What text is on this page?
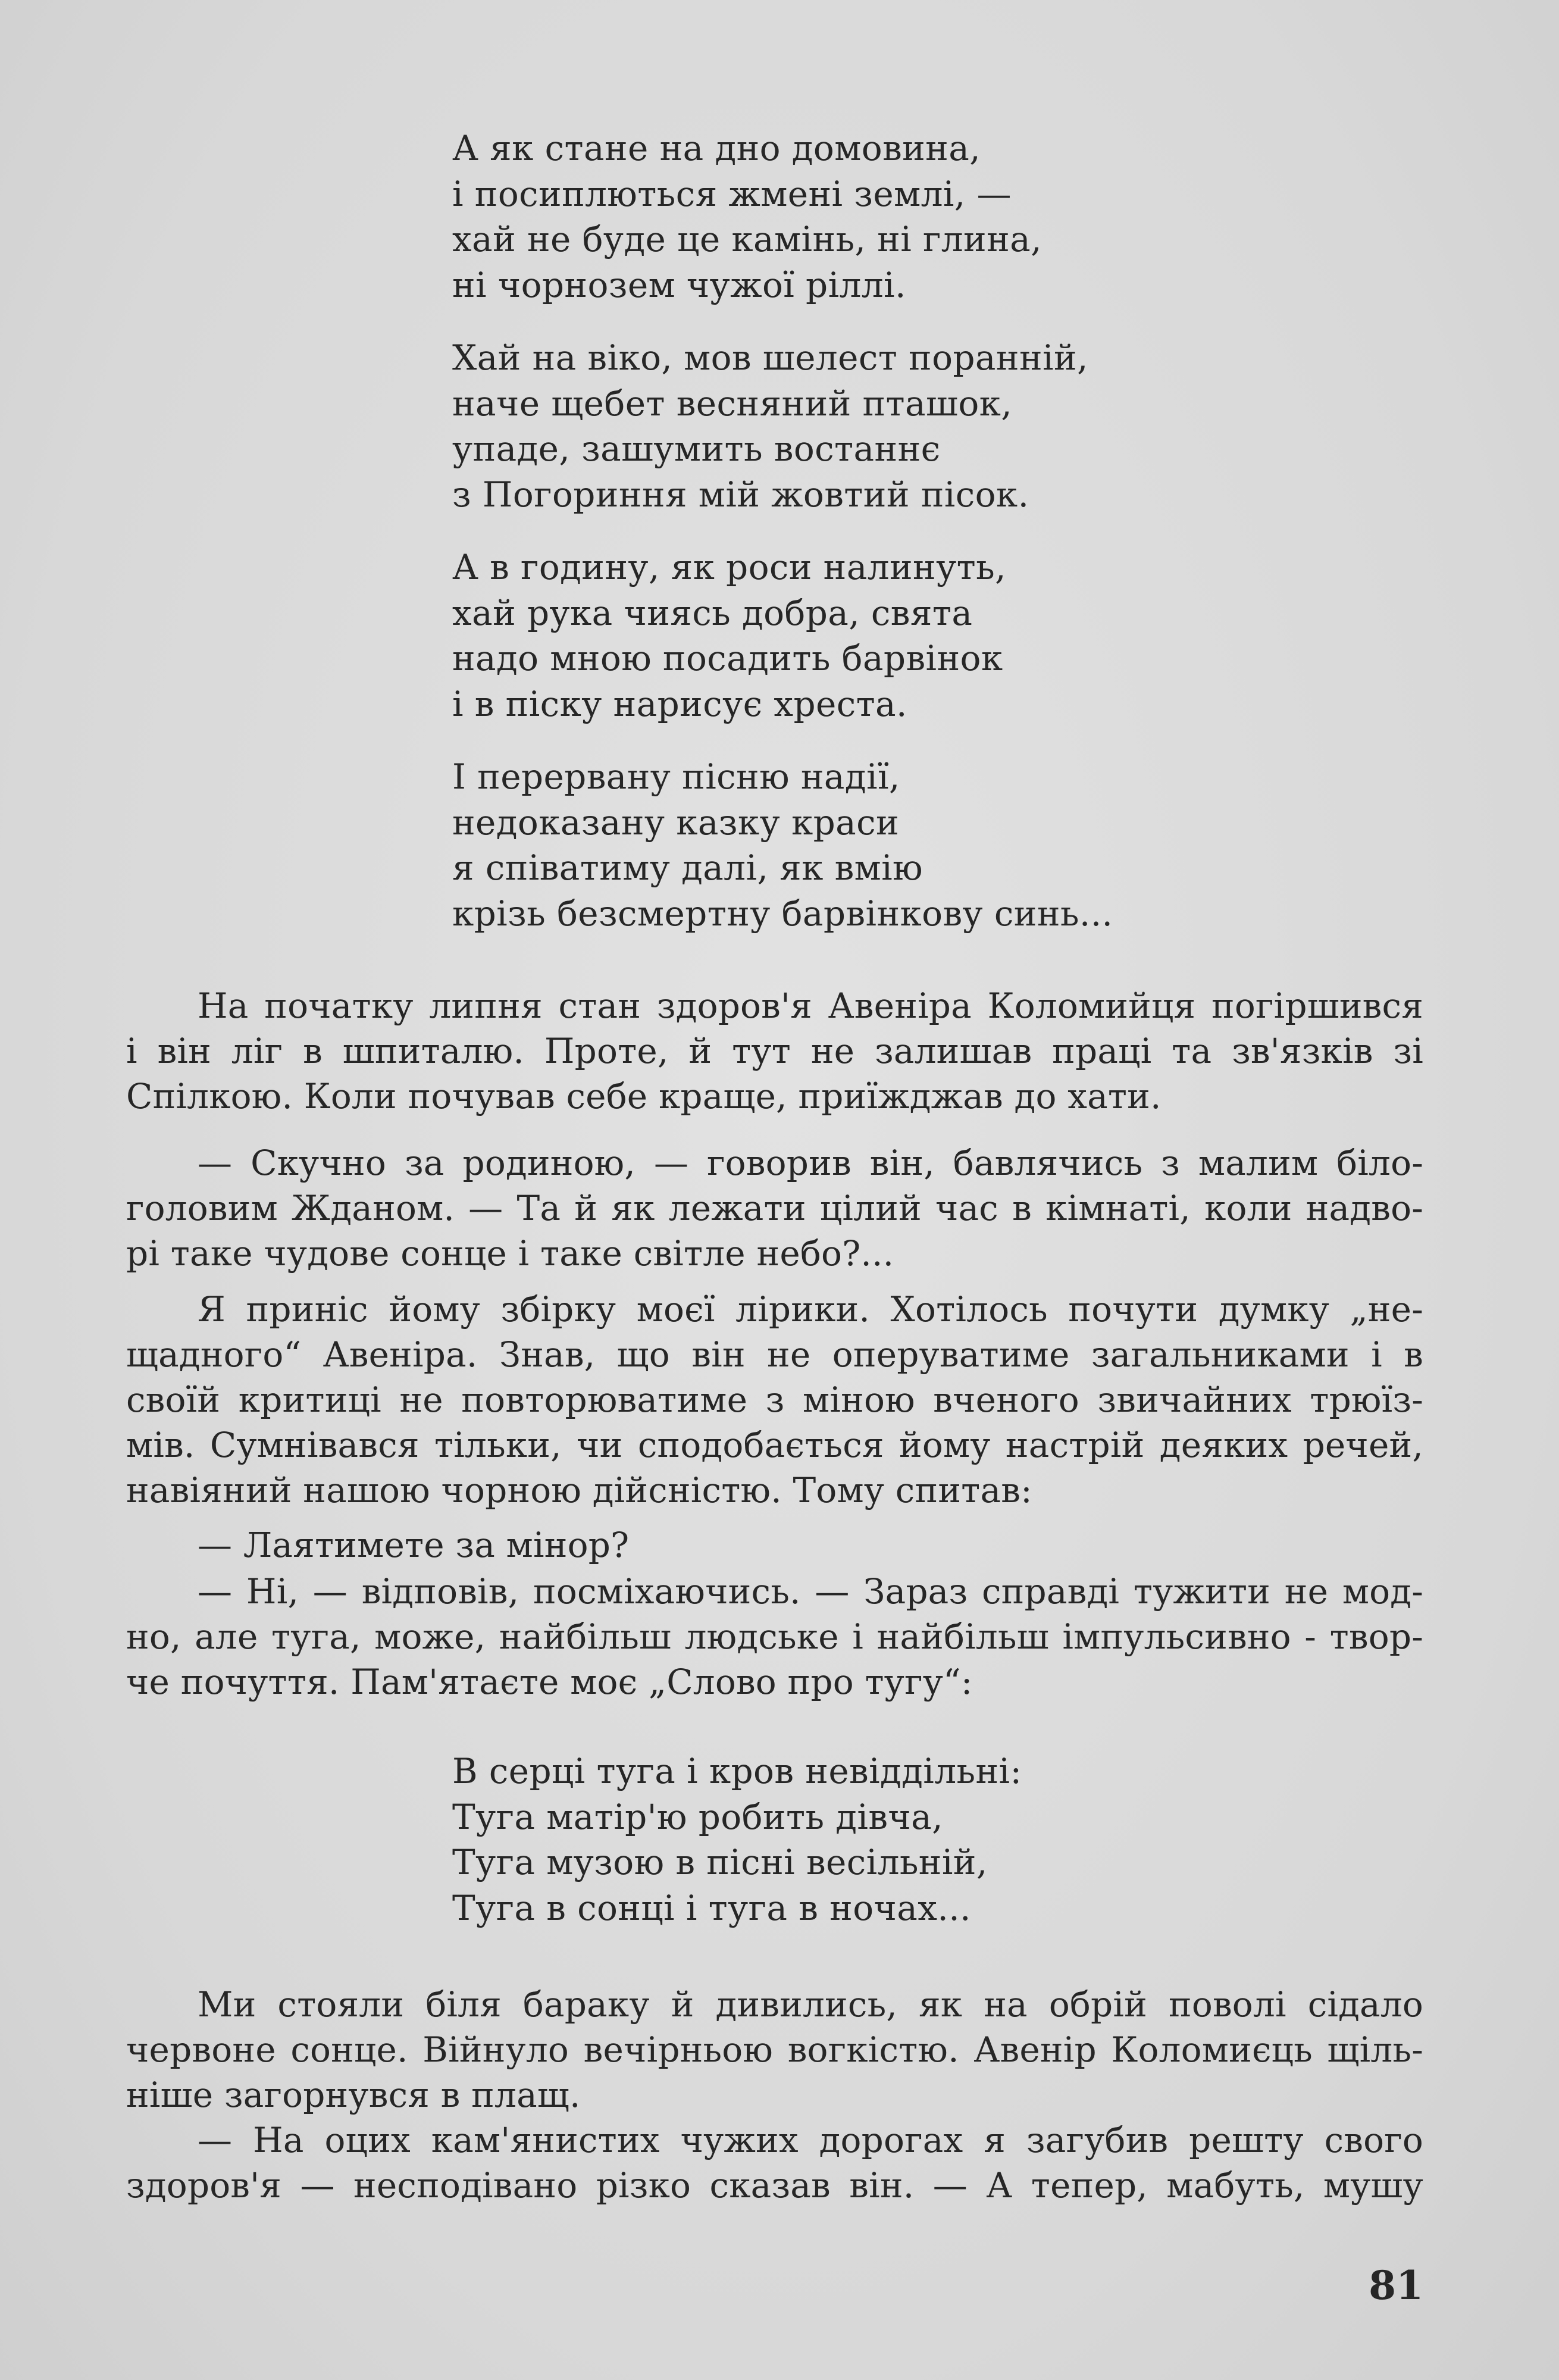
А як стане на дно домовина,
і посиплються жмені землі, —
хай не буде це камінь, ні глина,
ні чорнозем чужої ріллі.
Хай на віко, мов шелест поранній,
наче щебет весняний пташок,
упаде, зашумить востаннє
з Погориння мій жовтий пісок.
А в годину, як роси налинуть,
хай рука чиясь добра, свята
надо мною посадить барвінок
і в піску нарисує хреста.
І перервану пісню надії,
недоказану казку краси
я співатиму далі, як вмію
крізь безсмертну барвінкову синь...
На початку липня стан здоров'я Авеніра Коломийця погіршився
і він ліг в шпиталю. Проте, й тут не залишав праці та зв'язків зі
Спілкою. Коли почував себе краще, приїжджав до хати.
— Скучно за родиною, — говорив він, бавлячись з малим біло-
головим Жданом. — Та й як лежати цілий час в кімнаті, коли надво-
рі таке чудове сонце і таке світле небо?...
Я приніс йому збірку моєї лірики. Хотілось почути думку „не-
щадного“ Авеніра. Знав, що він не оперуватиме загальниками і в
своїй критиці не повторюватиме з міною вченого звичайних трюїз-
мів. Сумнівався тільки, чи сподобається йому настрій деяких речей,
навіяний нашою чорною дійсністю. Тому спитав:
— Лаятимете за мінор?
— Ні, — відповів, посміхаючись. — Зараз справді тужити не мод-
но, але туга, може, найбільш людське і найбільш імпульсивно - твор-
че почуття. Пам'ятаєте моє „Слово про тугу“:
В серці туга і кров невіддільні:
Туга матір'ю робить дівча,
Туга музою в пісні весільній,
Туга в сонці і туга в ночах...
Ми стояли біля бараку й дивились, як на обрій поволі сідало
червоне сонце. Війнуло вечірньою вогкістю. Авенір Коломиєць щіль-
ніше загорнувся в плащ.
— На оцих кам'янистих чужих дорогах я загубив решту свого
здоров'я — несподівано різко сказав він. — А тепер, мабуть, мушу
81
